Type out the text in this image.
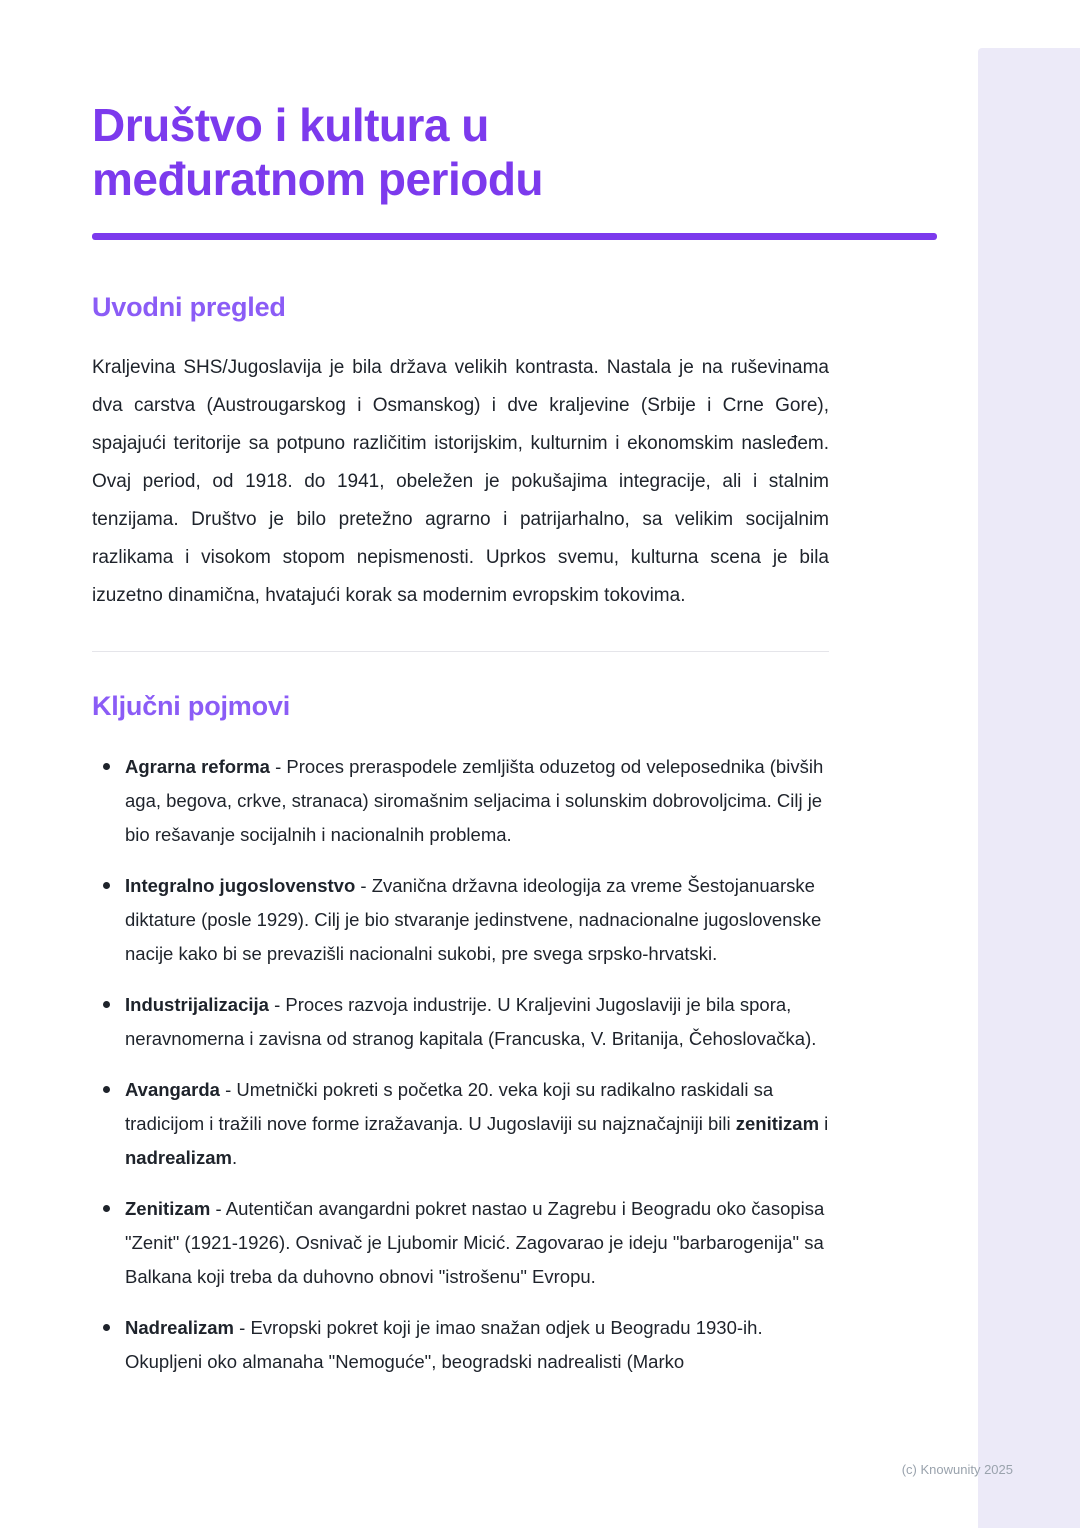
Društvo i kultura u međuratnom periodu
Uvodni pregled

Kraljevina SHS/Jugoslavija je bila država velikih kontrasta. Nastala je na ruševinama dva carstva (Austrougarskog i Osmanskog) i dve kraljevine (Srbije i Crne Gore), spajajući teritorije sa potpuno različitim istorijskim, kulturnim i ekonomskim nasleđem. Ovaj period, od 1918. do 1941, obeležen je pokušajima integracije, ali i stalnim tenzijama. Društvo je bilo pretežno agrarno i patrijarhalno, sa velikim socijalnim razlikama i visokom stopom nepismenosti. Uprkos svemu, kulturna scena je bila izuzetno dinamična, hvatajući korak sa modernim evropskim tokovima.

Ključni pojmovi
Agrarna reforma - Proces preraspodele zemljišta oduzetog od veleposednika (bivših aga, begova, crkve, stranaca) siromašnim seljacima i solunskim dobrovoljcima. Cilj je bio rešavanje socijalnih i nacionalnih problema.
Integralno jugoslovenstvo - Zvanična državna ideologija za vreme Šestojanuarske diktature (posle 1929). Cilj je bio stvaranje jedinstvene, nadnacionalne jugoslovenske nacije kako bi se prevazišli nacionalni sukobi, pre svega srpsko-hrvatski.
Industrijalizacija - Proces razvoja industrije. U Kraljevini Jugoslaviji je bila spora, neravnomerna i zavisna od stranog kapitala (Francuska, V. Britanija, Čehoslovačka).
Avangarda - Umetnički pokreti s početka 20. veka koji su radikalno raskidali sa tradicijom i tražili nove forme izražavanja. U Jugoslaviji su najznačajniji bili zenitizam i nadrealizam.
Zenitizam - Autentičan avangardni pokret nastao u Zagrebu i Beogradu oko časopisa "Zenit" (1921-1926). Osnivač je Ljubomir Micić. Zagovarao je ideju "barbarogenija" sa Balkana koji treba da duhovno obnovi "istrošenu" Evropu.
Nadrealizam - Evropski pokret koji je imao snažan odjek u Beogradu 1930-ih. Okupljeni oko almanaha "Nemoguće", beogradski nadrealisti (Marko
(c) Knowunity 2025
